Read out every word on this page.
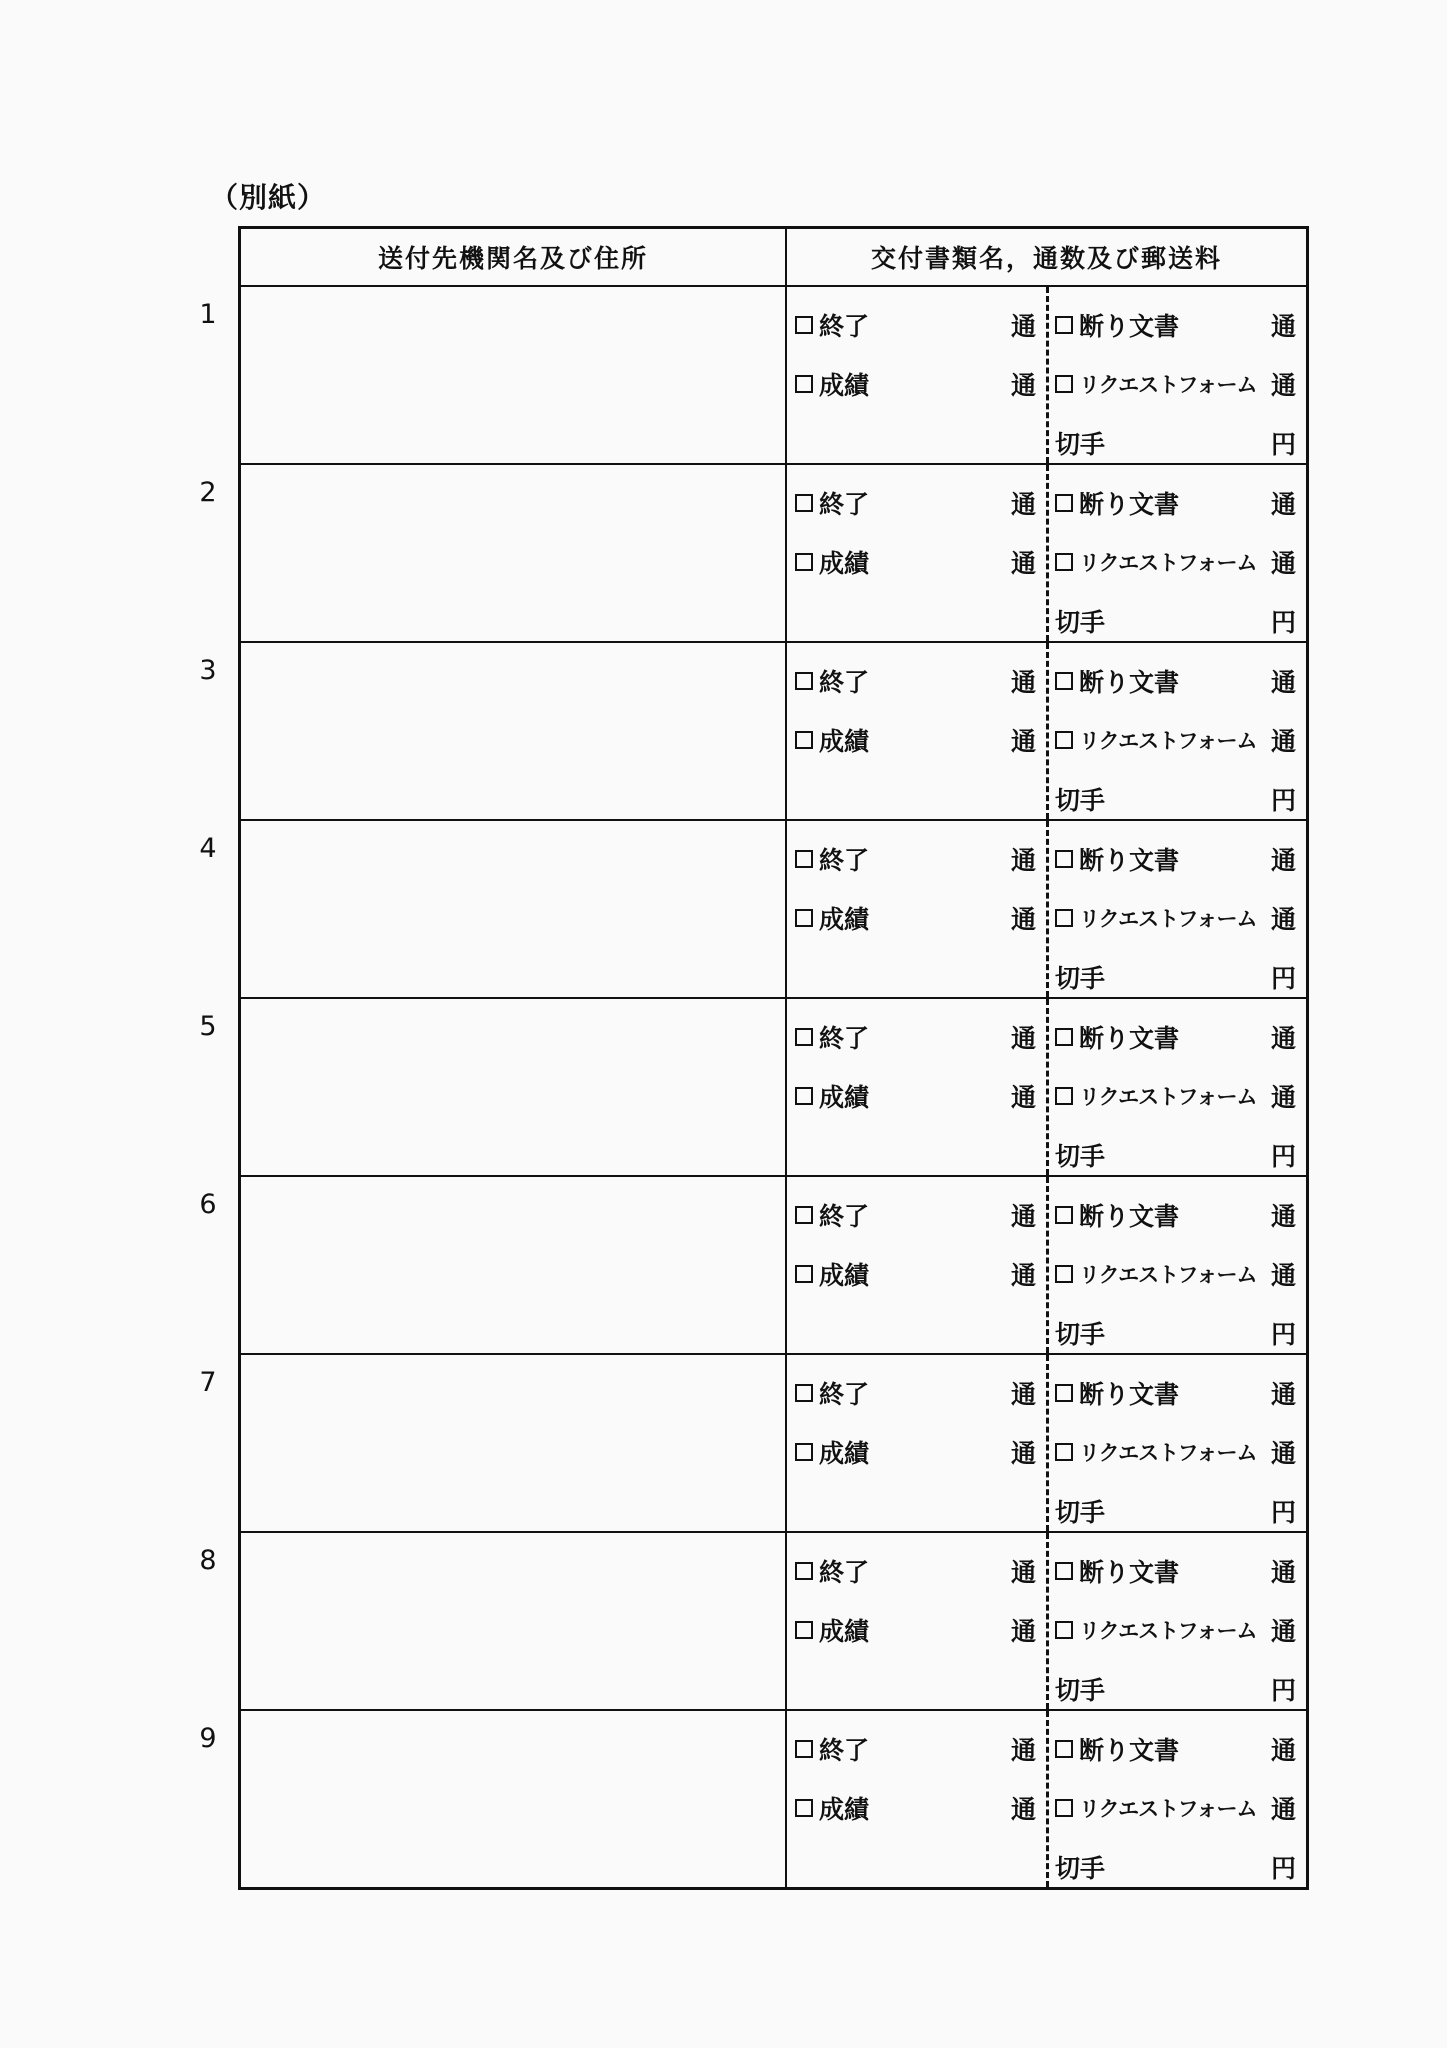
（別紙）
送付先機関名及び住所	交付書類名，通数及び郵送料
1	終了	通
成績	通
断り文書	通
リクエストフォーム 通
切手	円
2	終了	通
成績	通
断り文書	通
リクエストフォーム 通
切手	円
3	終了	通
成績	通
断り文書	通
リクエストフォーム 通
切手	円
4	終了	通
成績	通
断り文書	通
リクエストフォーム 通
切手	円
5	終了	通
成績	通
断り文書	通
リクエストフォーム 通
切手	円
6	終了	通
成績	通
断り文書	通
リクエストフォーム 通
切手	円
7	終了	通
成績	通
断り文書	通
リクエストフォーム 通
切手	円
8	終了	通
成績	通
断り文書	通
リクエストフォーム 通
切手	円
9	終了	通
成績	通
断り文書	通
リクエストフォーム 通
切手	円
